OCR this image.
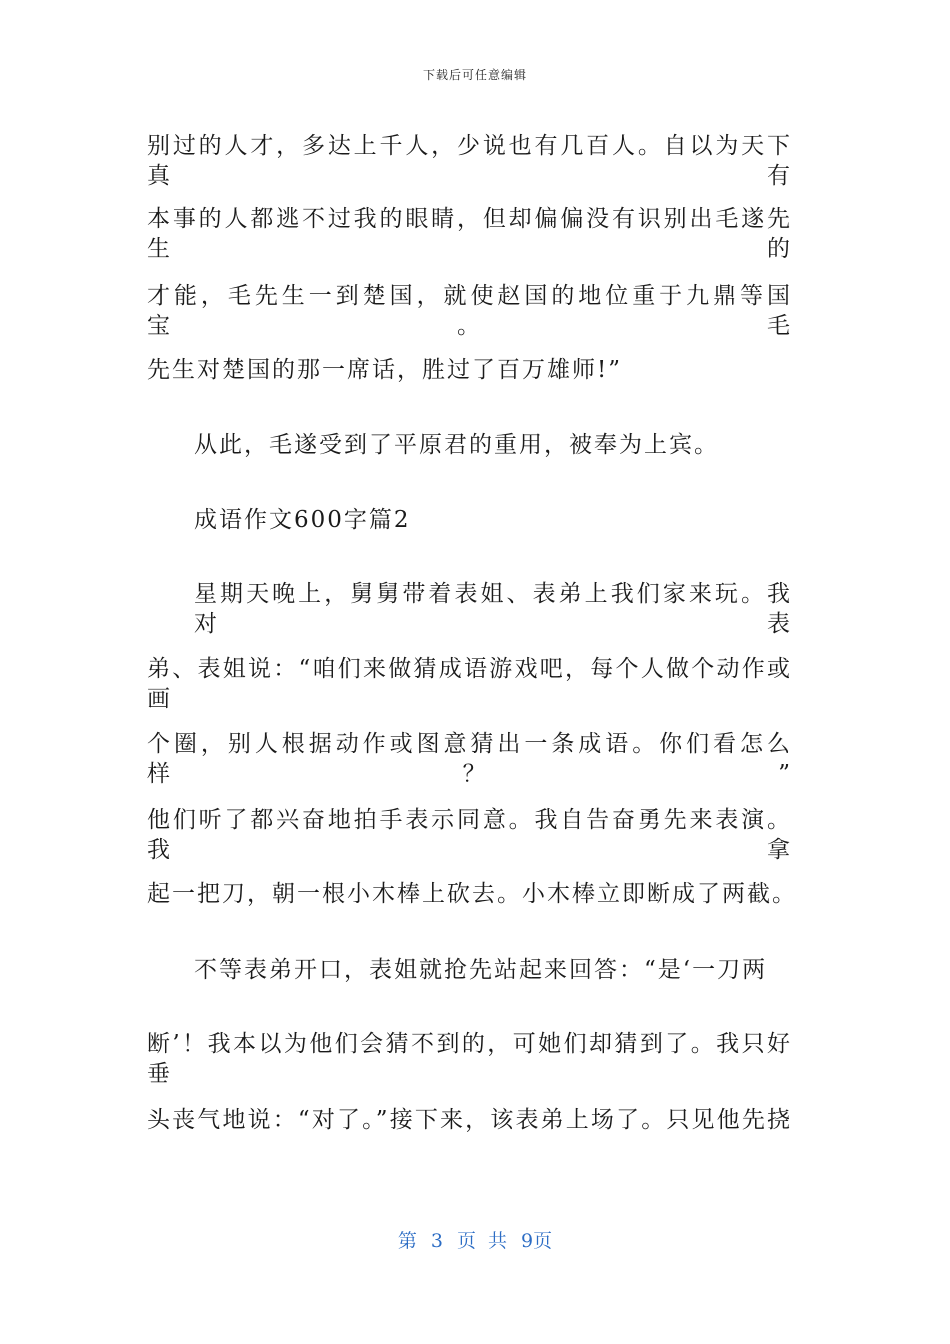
下载后可任意编辑
别过的人才，多达上千人，少说也有几百人。自以为天下真有
本事的人都逃不过我的眼睛，但却偏偏没有识别出毛遂先生的
才能，毛先生一到楚国，就使赵国的地位重于九鼎等国宝。毛
先生对楚国的那一席话，胜过了百万雄师!”
从此，毛遂受到了平原君的重用，被奉为上宾。
成语作文600字篇2
星期天晚上，舅舅带着表姐、表弟上我们家来玩。我对表
弟、表姐说：“咱们来做猜成语游戏吧，每个人做个动作或画
个圈，别人根据动作或图意猜出一条成语。你们看怎么样？”
他们听了都兴奋地拍手表示同意。我自告奋勇先来表演。我拿
起一把刀，朝一根小木棒上砍去。小木棒立即断成了两截。
不等表弟开口，表姐就抢先站起来回答：“是‘一刀两
断’！我本以为他们会猜不到的，可她们却猜到了。我只好垂
头丧气地说：“对了。”接下来，该表弟上场了。只见他先挠
第 3 页 共 9页
